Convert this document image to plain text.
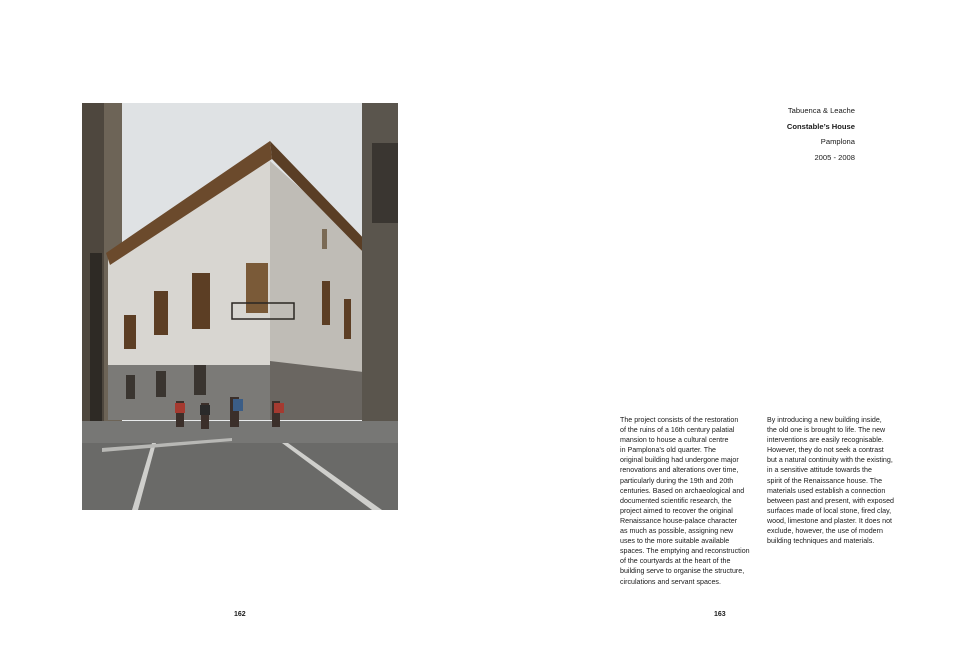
Tabuenca & Leache
Constable’s House
Pamplona
2005 - 2008
The project consists of the restoration
of the ruins of a 16th century palatial
mansion to house a cultural centre
in Pamplona’s old quarter. The
original building had undergone major
renovations and alterations over time,
particularly during the 19th and 20th
centuries. Based on archaeological and
documented scientific research, the
project aimed to recover the original
Renaissance house-palace character
as much as possible, assigning new
uses to the more suitable available
spaces. The emptying and reconstruction
of the courtyards at the heart of the
building serve to organise the structure,
circulations and servant spaces.
By introducing a new building inside,
the old one is brought to life. The new
interventions are easily recognisable.
However, they do not seek a contrast
but a natural continuity with the existing,
in a sensitive attitude towards the
spirit of the Renaissance house. The
materials used establish a connection
between past and present, with exposed
surfaces made of local stone, fired clay,
wood, limestone and plaster. It does not
exclude, however, the use of modern
building techniques and materials.
162	163
